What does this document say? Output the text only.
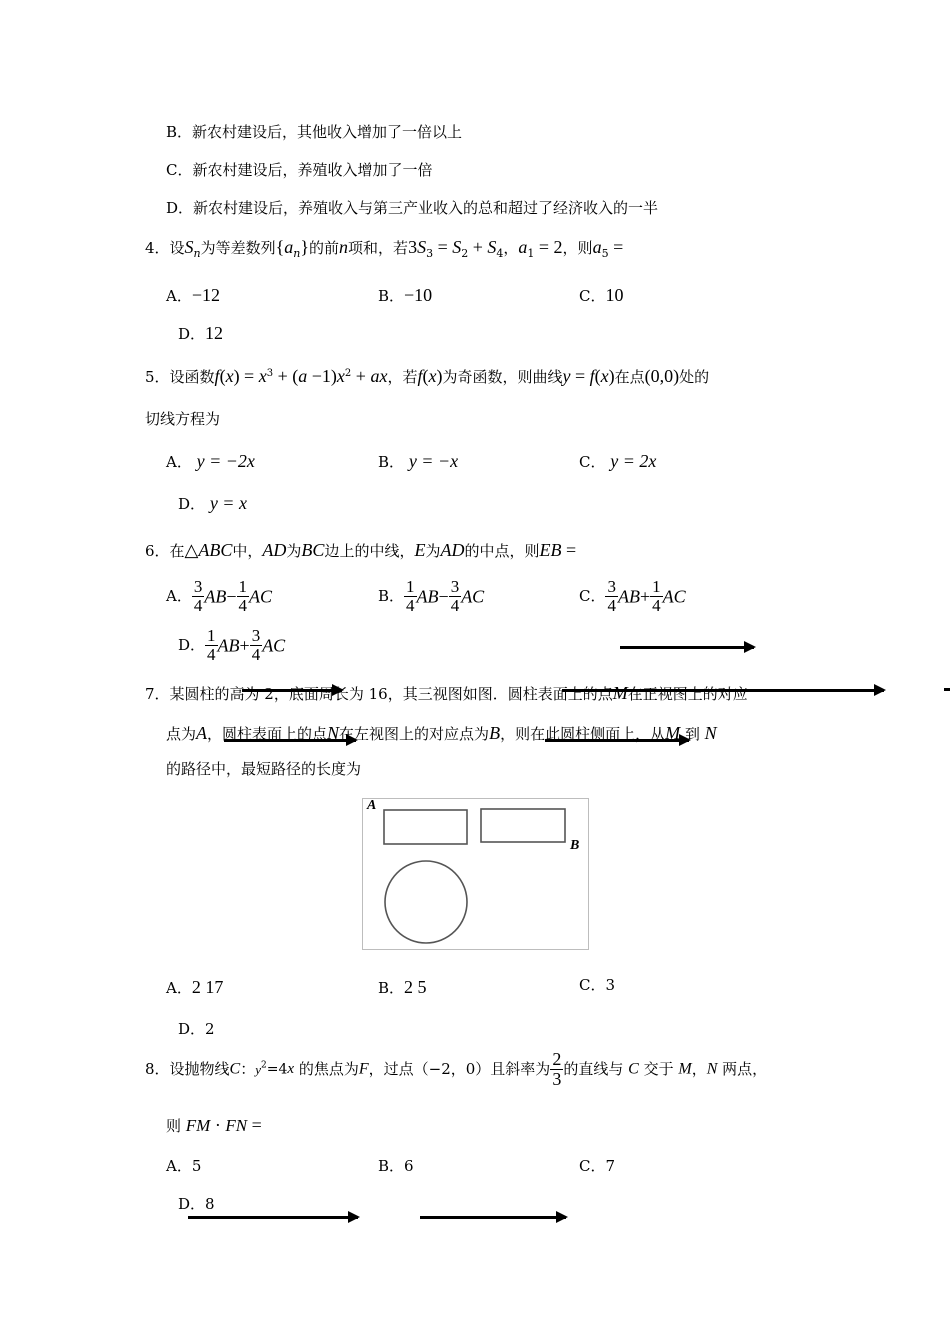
B．新农村建设后，其他收入增加了一倍以上
C．新农村建设后，养殖收入增加了一倍
D．新农村建设后，养殖收入与第三产业收入的总和超过了经济收入的一半
4．设$S_n$为等差数列$\{a_n\}$的前n项和，若$3S_3 = S_2 + S_4$，$a_1 = 2$，则$a_5$ =
A．−12	B．−10	C．10
D．12
5．设函数$f(x) = x^3 + (a -1)x^2$ + ax，若f(x)为奇函数，则曲线y = f(x)在点(0,0)处的
切线方程为
A． y = −2x	B． y = −x	C． y = 2x
D． y = x
6．在△ABC中，AD为BC边上的中线，E为AD的中点，则EB =
A． $\frac{3}{4} AB- \frac{1}{4}$ AC	B． $\frac{1}{4} AB- \frac{3}{4}$ AC	C． $\frac{3}{4} AB+ \frac{1}{4}$ AC
D． $\frac{1}{4} AB+ \frac{3}{4}$ AC
7．某圆柱的高为 2，底面周长为 16，其三视图如图．圆柱表面上的点M在正视图上的对应
点为A，圆柱表面上的点N在左视图上的对应点为B，则在此圆柱侧面上，从M 到 N
的路径中，最短路径的长度为
A
B
A．2 17	B．2 5	C．3
D．2
8．设抛物线C：$y^2=4x$ 的焦点为F，过点（−2，0）且斜率为 $\frac{2}{3}$ 的直线与 C 交于 M，N 两点，
则 FM · FN =
A．5	B．6	C．7
D．8
